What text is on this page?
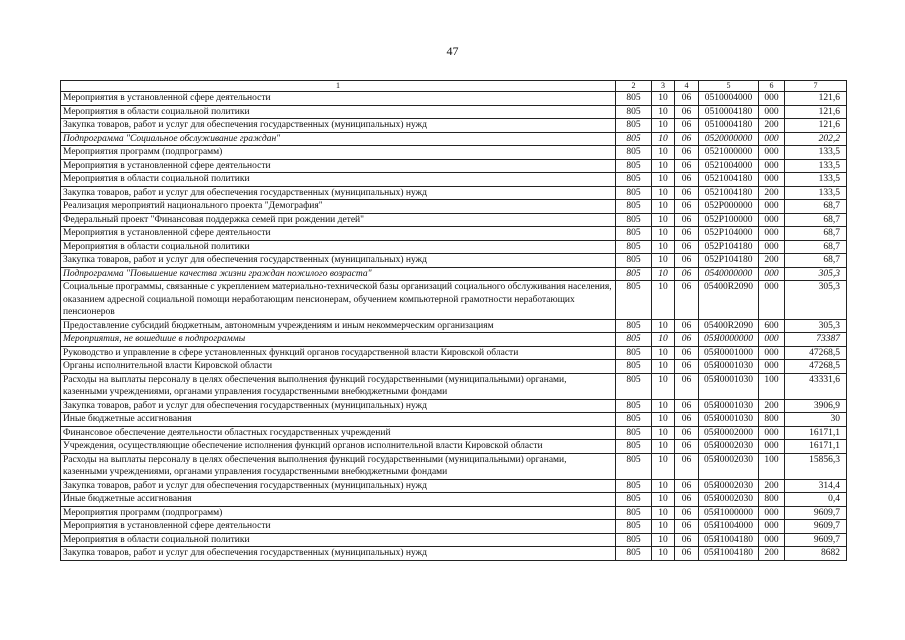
47
1	2	3	4	5	6	7
Мероприятия в установленной сфере деятельности	805	10	06	0510004000	000	121,6
Мероприятия в области социальной политики	805	10	06	0510004180	000	121,6
Закупка товаров, работ и услуг для обеспечения государственных (муниципальных) нужд	805	10	06	0510004180	200	121,6
Подпрограмма "Социальное обслуживание граждан"	805	10	06	0520000000	000	202,2
Мероприятия программ (подпрограмм)	805	10	06	0521000000	000	133,5
Мероприятия в установленной сфере деятельности	805	10	06	0521004000	000	133,5
Мероприятия в области социальной политики	805	10	06	0521004180	000	133,5
Закупка товаров, работ и услуг для обеспечения государственных (муниципальных) нужд	805	10	06	0521004180	200	133,5
Реализация мероприятий национального проекта "Демография"	805	10	06	052P000000	000	68,7
Федеральный проект "Финансовая поддержка семей при рождении детей"	805	10	06	052P100000	000	68,7
Мероприятия в установленной сфере деятельности	805	10	06	052P104000	000	68,7
Мероприятия в области социальной политики	805	10	06	052P104180	000	68,7
Закупка товаров, работ и услуг для обеспечения государственных (муниципальных) нужд	805	10	06	052P104180	200	68,7
Подпрограмма "Повышение качества жизни граждан пожилого возраста"	805	10	06	0540000000	000	305,3
Социальные программы, связанные с укреплением материально-технической базы организаций социального обслуживания населения, оказанием адресной социальной помощи неработающим пенсионерам, обучением компьютерной грамотности неработающих пенсионеров	805	10	06	05400R2090	000	305,3
Предоставление субсидий бюджетным, автономным учреждениям и иным некоммерческим организациям	805	10	06	05400R2090	600	305,3
Мероприятия, не вошедшие в подпрограммы	805	10	06	05Я0000000	000	73387
Руководство и управление в сфере установленных функций органов государственной власти Кировской области	805	10	06	05Я0001000	000	47268,5
Органы исполнительной власти Кировской области	805	10	06	05Я0001030	000	47268,5
Расходы на выплаты персоналу в целях обеспечения выполнения функций государственными (муниципальными) органами, казенными учреждениями, органами управления государственными внебюджетными фондами	805	10	06	05Я0001030	100	43331,6
Закупка товаров, работ и услуг для обеспечения государственных (муниципальных) нужд	805	10	06	05Я0001030	200	3906,9
Иные бюджетные ассигнования	805	10	06	05Я0001030	800	30
Финансовое обеспечение деятельности областных государственных учреждений	805	10	06	05Я0002000	000	16171,1
Учреждения, осуществляющие обеспечение исполнения функций органов исполнительной власти Кировской области	805	10	06	05Я0002030	000	16171,1
Расходы на выплаты персоналу в целях обеспечения выполнения функций государственными (муниципальными) органами, казенными учреждениями, органами управления государственными внебюджетными фондами	805	10	06	05Я0002030	100	15856,3
Закупка товаров, работ и услуг для обеспечения государственных (муниципальных) нужд	805	10	06	05Я0002030	200	314,4
Иные бюджетные ассигнования	805	10	06	05Я0002030	800	0,4
Мероприятия программ (подпрограмм)	805	10	06	05Я1000000	000	9609,7
Мероприятия в установленной сфере деятельности	805	10	06	05Я1004000	000	9609,7
Мероприятия в области социальной политики	805	10	06	05Я1004180	000	9609,7
Закупка товаров, работ и услуг для обеспечения государственных (муниципальных) нужд	805	10	06	05Я1004180	200	8682
